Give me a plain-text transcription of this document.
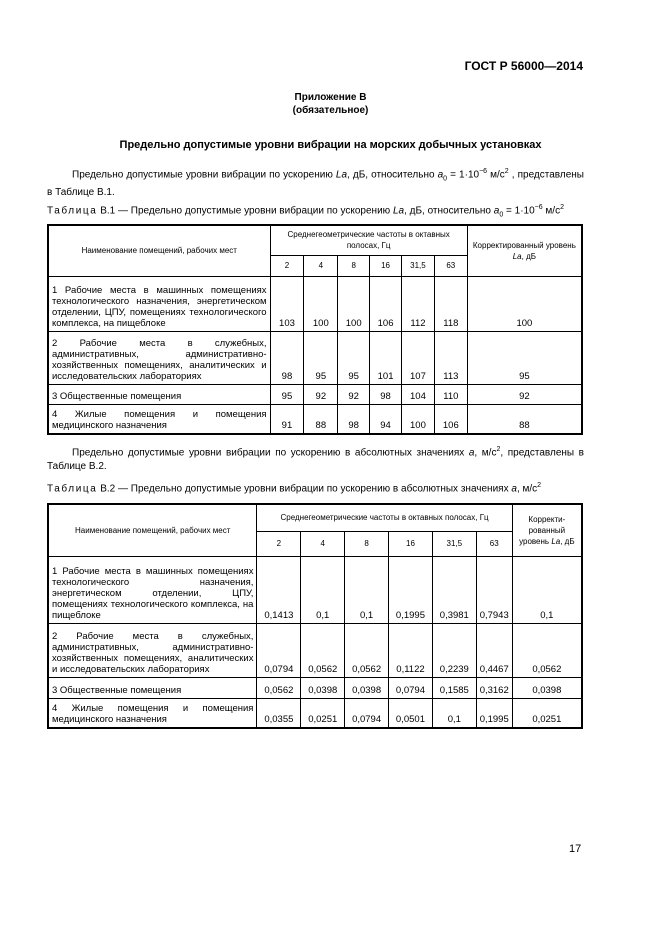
ГОСТ Р 56000—2014
Приложение В
(обязательное)
Предельно допустимые уровни вибрации на морских добычных установках
Предельно допустимые уровни вибрации по ускорению La, дБ, относительно $a_0 = 1\cdot 10^{-6}$ $м/с^2$ , представлены в Таблице В.1.
Таблица В.1 — Предельно допустимые уровни вибрации по ускорению La, дБ, относительно $a_0 = 1\cdot 10^{-6}$ $м/с^2$
Наименование помещений, рабочих мест	Среднегеометрические частоты в октавных полосах, Гц						Корректированный уровень La, дБ
	2	4	8	16	31,5	63	
1 Рабочие места в машинных помещениях технологического назначения, энергетическом отделении, ЦПУ, помещениях технологического комплекса, на пищеблоке	103	100	100	106	112	118	100
2 Рабочие места в служебных, административных, административно-хозяйственных помещениях, аналитических и исследовательских лабораториях	98	95	95	101	107	113	95
3 Общественные помещения	95	92	92	98	104	110	92
4 Жилые помещения и помещения медицинского назначения	91	88	98	94	100	106	88
Предельно допустимые уровни вибрации по ускорению в абсолютных значениях a, $м/с^2$, представлены в Таблице В.2.
Таблица В.2 — Предельно допустимые уровни вибрации по ускорению в абсолютных значениях a, $м/с^2$
Наименование помещений, рабочих мест	Среднегеометрические частоты в октавных полосах, Гц						Корректи-рованный уровень La, дБ
	2	4	8	16	31,5	63	
1 Рабочие места в машинных помещениях технологического назначения, энергетическом отделении, ЦПУ, помещениях технологического комплекса, на пищеблоке	0,1413	0,1	0,1	0,1995	0,3981	0,7943	0,1
2 Рабочие места в служебных, административных, административно-хозяйственных помещениях, аналитических и исследовательских лабораториях	0,0794	0,0562	0,0562	0,1122	0,2239	0,4467	0,0562
3 Общественные помещения	0,0562	0,0398	0,0398	0,0794	0,1585	0,3162	0,0398
4 Жилые помещения и помещения медицинского назначения	0,0355	0,0251	0,0794	0,0501	0,1	0,1995	0,0251
17
